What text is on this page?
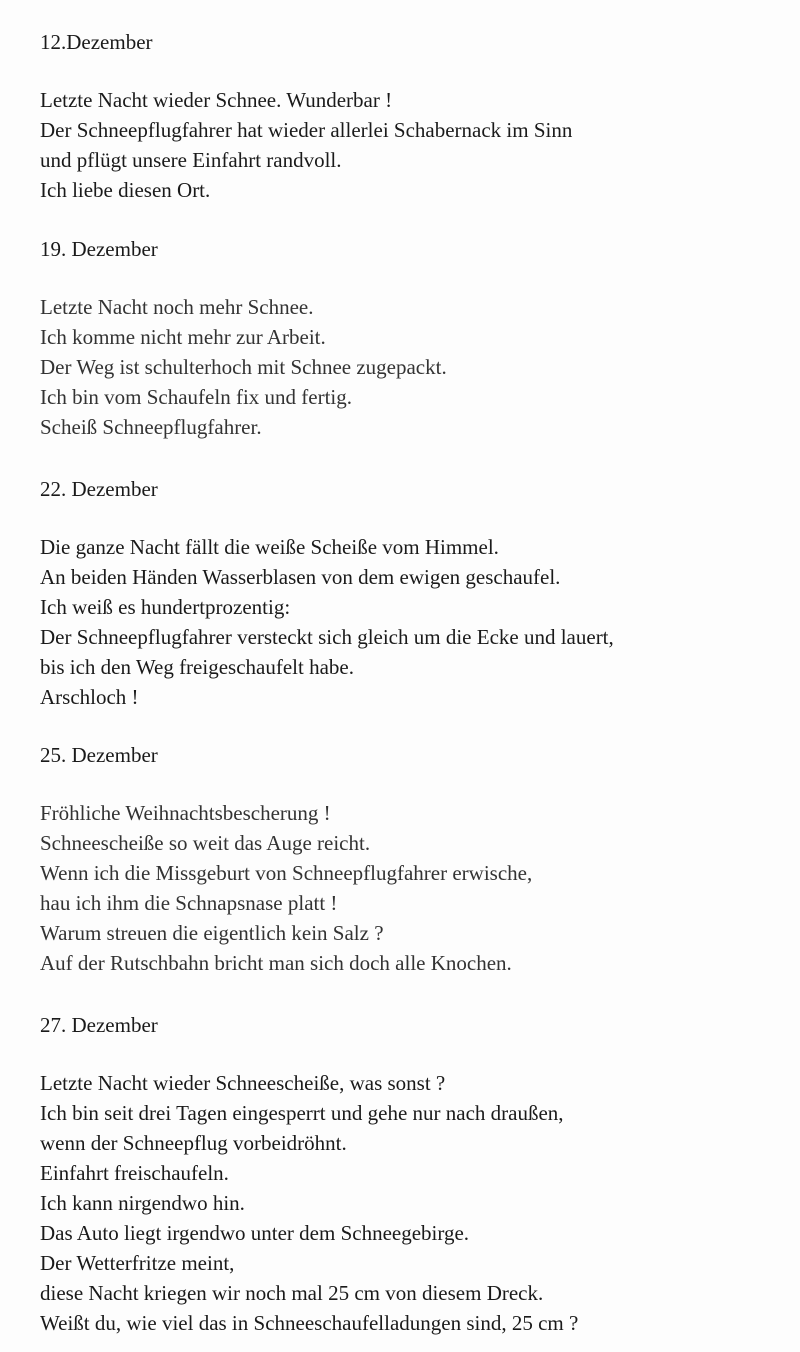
12.Dezember

Letzte Nacht wieder Schnee. Wunderbar !
Der Schneepflugfahrer hat wieder allerlei Schabernack im Sinn
und pflügt unsere Einfahrt randvoll.
Ich liebe diesen Ort.

19. Dezember

Letzte Nacht noch mehr Schnee.
Ich komme nicht mehr zur Arbeit.
Der Weg ist schulterhoch mit Schnee zugepackt.
Ich bin vom Schaufeln fix und fertig.
Scheiß Schneepflugfahrer.

22. Dezember

Die ganze Nacht fällt die weiße Scheiße vom Himmel.
An beiden Händen Wasserblasen von dem ewigen geschaufel.
Ich weiß es hundertprozentig:
Der Schneepflugfahrer versteckt sich gleich um die Ecke und lauert,
bis ich den Weg freigeschaufelt habe.
Arschloch !

25. Dezember

Fröhliche Weihnachtsbescherung !
Schneescheiße so weit das Auge reicht.
Wenn ich die Missgeburt von Schneepflugfahrer erwische,
hau ich ihm die Schnapsnase platt !
Warum streuen die eigentlich kein Salz ?
Auf der Rutschbahn bricht man sich doch alle Knochen.

27. Dezember

Letzte Nacht wieder Schneescheiße, was sonst ?
Ich bin seit drei Tagen eingesperrt und gehe nur nach draußen,
wenn der Schneepflug vorbeidröhnt.
Einfahrt freischaufeln.
Ich kann nirgendwo hin.
Das Auto liegt irgendwo unter dem Schneegebirge.
Der Wetterfritze meint,
diese Nacht kriegen wir noch mal 25 cm von diesem Dreck.
Weißt du, wie viel das in Schneeschaufelladungen sind, 25 cm ?
